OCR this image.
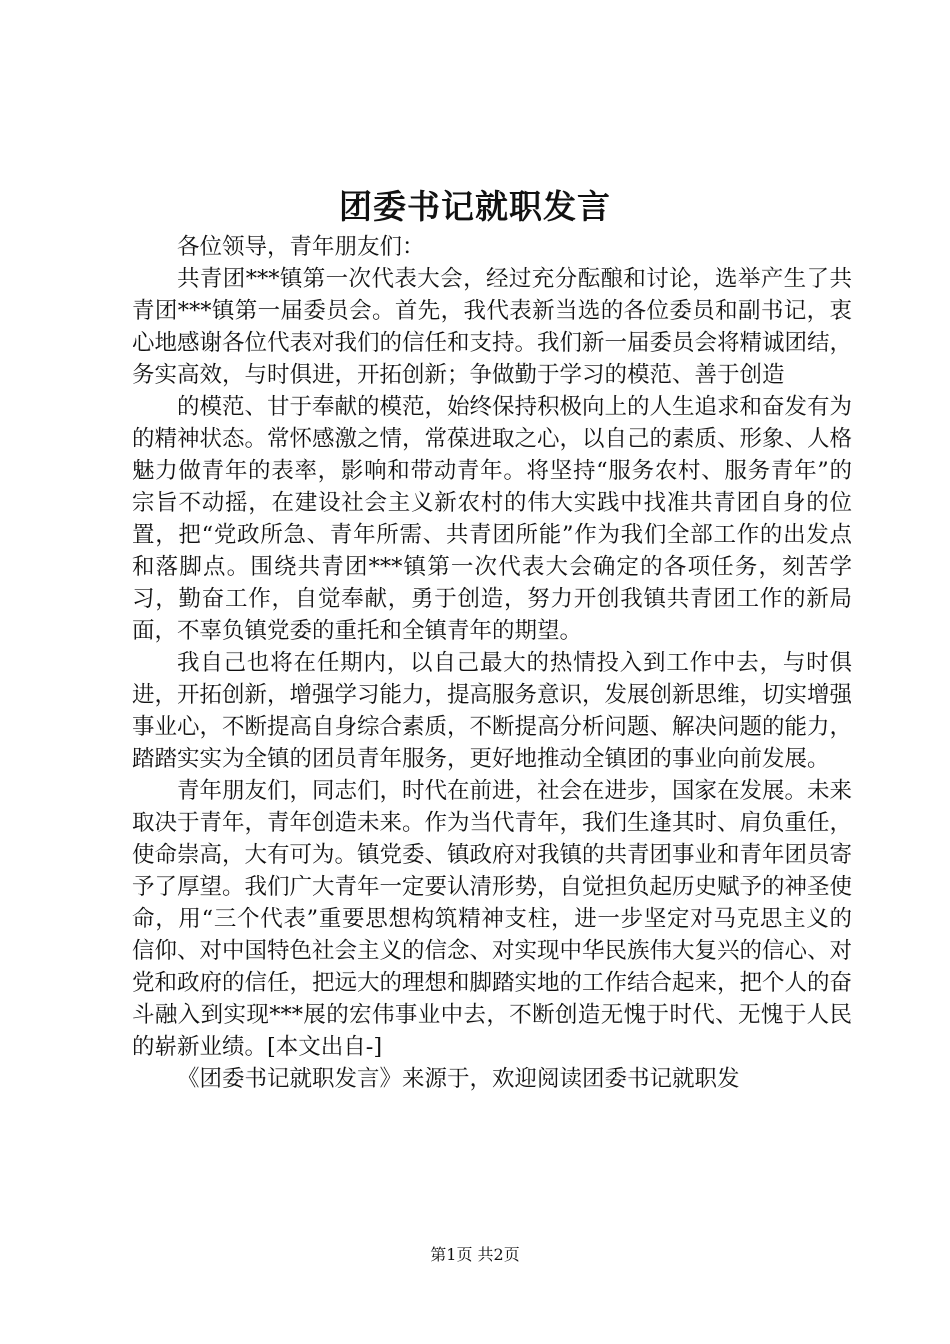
团委书记就职发言

各位领导，青年朋友们：

共青团***镇第一次代表大会，经过充分酝酿和讨论，选举产生了共青团***镇第一届委员会。首先，我代表新当选的各位委员和副书记，衷心地感谢各位代表对我们的信任和支持。我们新一届委员会将精诚团结，务实高效，与时俱进，开拓创新；争做勤于学习的模范、善于创造

的模范、甘于奉献的模范，始终保持积极向上的人生追求和奋发有为的精神状态。常怀感激之情，常葆进取之心，以自己的素质、形象、人格魅力做青年的表率，影响和带动青年。将坚持“服务农村、服务青年”的宗旨不动摇，在建设社会主义新农村的伟大实践中找准共青团自身的位置，把“党政所急、青年所需、共青团所能”作为我们全部工作的出发点和落脚点。围绕共青团***镇第一次代表大会确定的各项任务，刻苦学习，勤奋工作，自觉奉献，勇于创造，努力开创我镇共青团工作的新局面，不辜负镇党委的重托和全镇青年的期望。

我自己也将在任期内，以自己最大的热情投入到工作中去，与时俱进，开拓创新，增强学习能力，提高服务意识，发展创新思维，切实增强事业心，不断提高自身综合素质，不断提高分析问题、解决问题的能力，踏踏实实为全镇的团员青年服务，更好地推动全镇团的事业向前发展。

青年朋友们，同志们，时代在前进，社会在进步，国家在发展。未来取决于青年，青年创造未来。作为当代青年，我们生逢其时、肩负重任，使命崇高，大有可为。镇党委、镇政府对我镇的共青团事业和青年团员寄予了厚望。我们广大青年一定要认清形势，自觉担负起历史赋予的神圣使命，用“三个代表”重要思想构筑精神支柱，进一步坚定对马克思主义的信仰、对中国特色社会主义的信念、对实现中华民族伟大复兴的信心、对党和政府的信任，把远大的理想和脚踏实地的工作结合起来，把个人的奋斗融入到实现***展的宏伟事业中去，不断创造无愧于时代、无愧于人民的崭新业绩。[本文出自-]

《团委书记就职发言》来源于，欢迎阅读团委书记就职发

第1页 共2页
